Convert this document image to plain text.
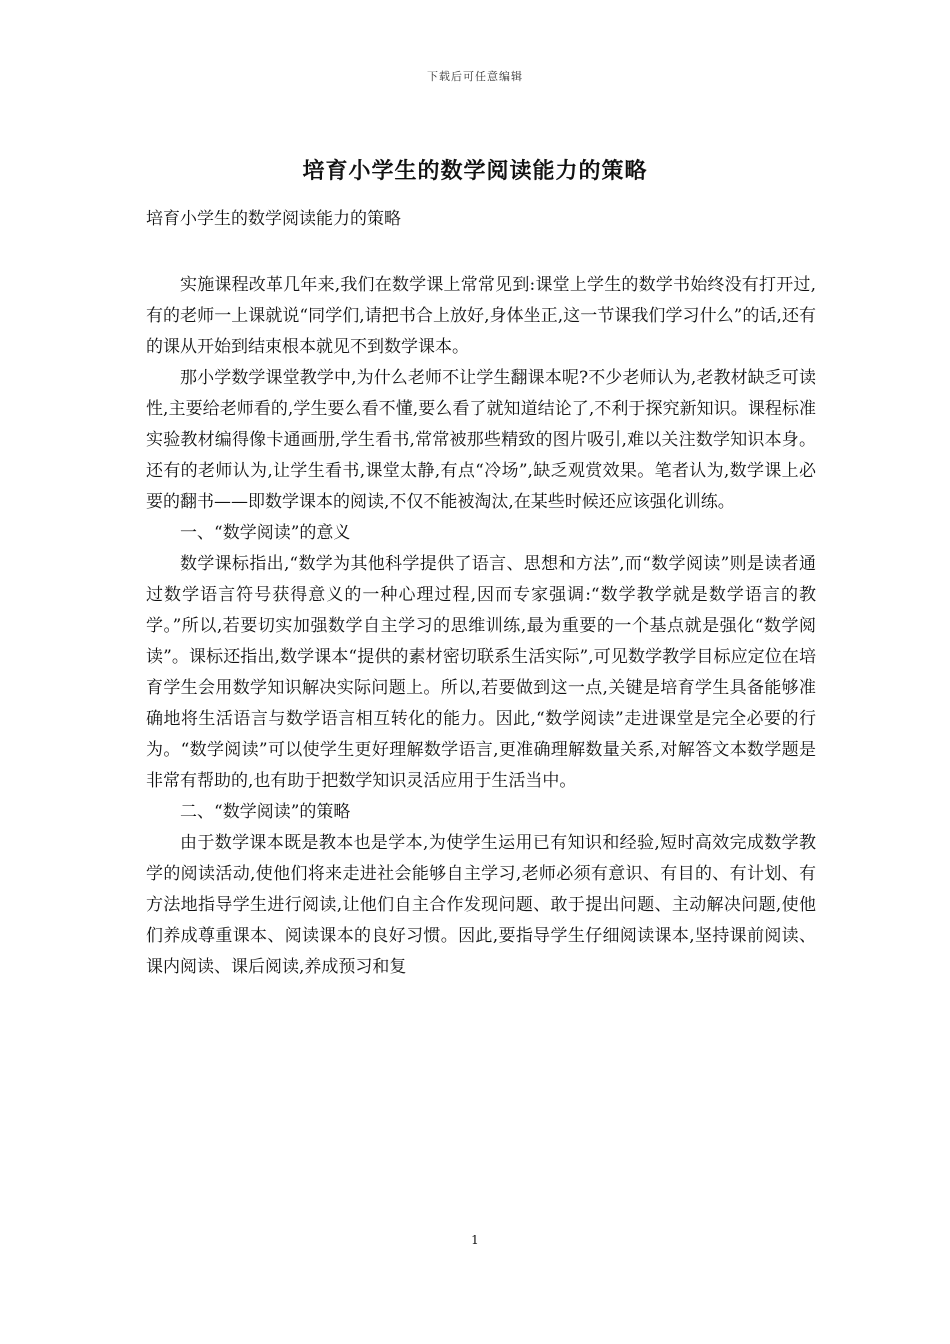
下载后可任意编辑
培育小学生的数学阅读能力的策略
培育小学生的数学阅读能力的策略

实施课程改革几年来,我们在数学课上常常见到:课堂上学生的数学书始终没有打开过,有的老师一上课就说“同学们,请把书合上放好,身体坐正,这一节课我们学习什么”的话,还有的课从开始到结束根本就见不到数学课本。

那小学数学课堂教学中,为什么老师不让学生翻课本呢?不少老师认为,老教材缺乏可读性,主要给老师看的,学生要么看不懂,要么看了就知道结论了,不利于探究新知识。课程标准实验教材编得像卡通画册,学生看书,常常被那些精致的图片吸引,难以关注数学知识本身。还有的老师认为,让学生看书,课堂太静,有点“冷场”,缺乏观赏效果。笔者认为,数学课上必要的翻书——即数学课本的阅读,不仅不能被淘汰,在某些时候还应该强化训练。

一、“数学阅读”的意义

数学课标指出,“数学为其他科学提供了语言、思想和方法”,而“数学阅读”则是读者通过数学语言符号获得意义的一种心理过程,因而专家强调:“数学教学就是数学语言的教学。”所以,若要切实加强数学自主学习的思维训练,最为重要的一个基点就是强化“数学阅读”。课标还指出,数学课本“提供的素材密切联系生活实际”,可见数学教学目标应定位在培育学生会用数学知识解决实际问题上。所以,若要做到这一点,关键是培育学生具备能够准确地将生活语言与数学语言相互转化的能力。因此,“数学阅读”走进课堂是完全必要的行为。“数学阅读”可以使学生更好理解数学语言,更准确理解数量关系,对解答文本数学题是非常有帮助的,也有助于把数学知识灵活应用于生活当中。

二、“数学阅读”的策略

由于数学课本既是教本也是学本,为使学生运用已有知识和经验,短时高效完成数学教学的阅读活动,使他们将来走进社会能够自主学习,老师必须有意识、有目的、有计划、有方法地指导学生进行阅读,让他们自主合作发现问题、敢于提出问题、主动解决问题,使他们养成尊重课本、阅读课本的良好习惯。因此,要指导学生仔细阅读课本,坚持课前阅读、课内阅读、课后阅读,养成预习和复

1
